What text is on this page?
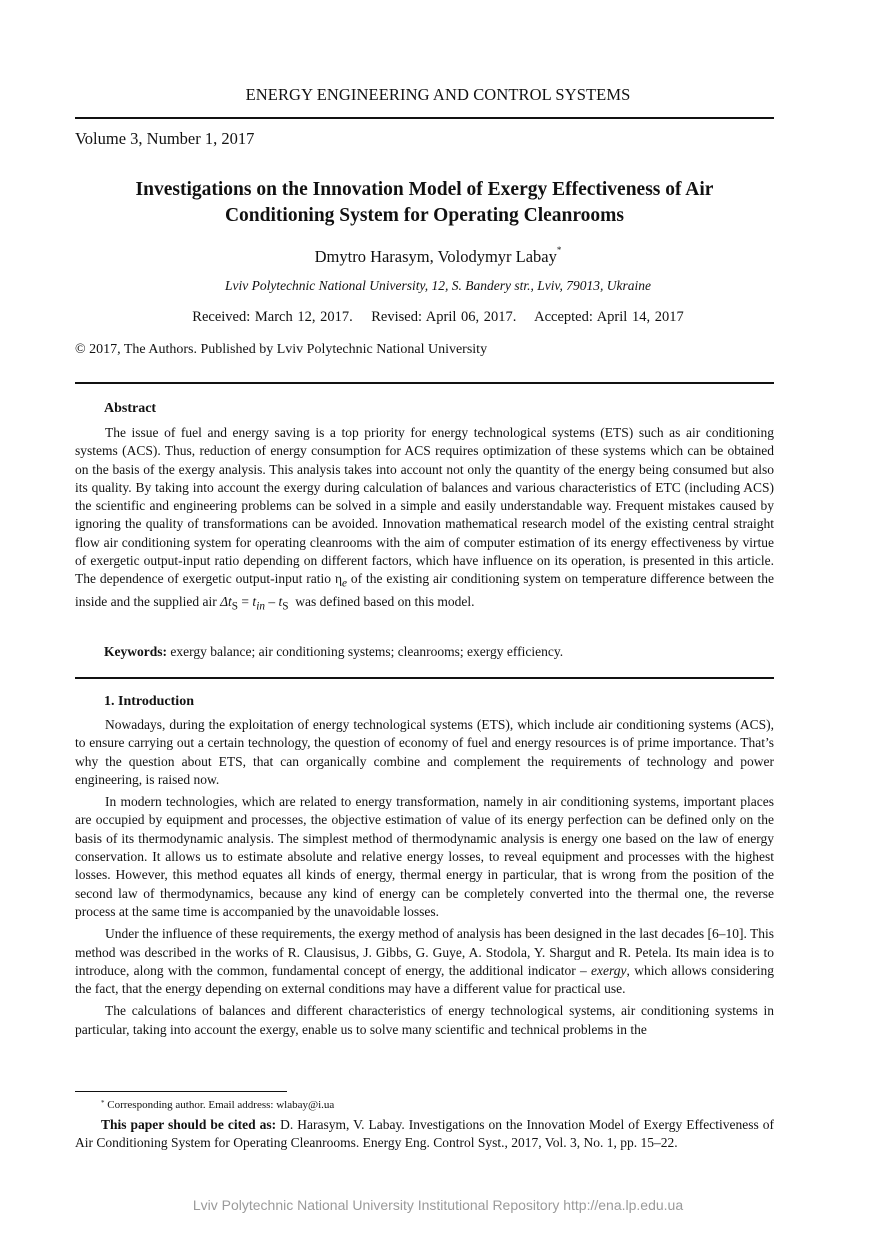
ENERGY ENGINEERING AND CONTROL SYSTEMS
Volume 3, Number 1, 2017
Investigations on the Innovation Model of Exergy Effectiveness of Air
Conditioning System for Operating Cleanrooms
Dmytro Harasym, Volodymyr Labay*
Lviv Polytechnic National University, 12, S. Bandery str., Lviv, 79013, Ukraine
Received: March 12, 2017.    Revised: April 06, 2017.    Accepted: April 14, 2017
© 2017, The Authors. Published by Lviv Polytechnic National University
Abstract

The issue of fuel and energy saving is a top priority for energy technological systems (ETS) such as air conditioning systems (ACS). Thus, reduction of energy consumption for ACS requires optimization of these systems which can be obtained on the basis of the exergy analysis. This analysis takes into account not only the quantity of the energy being consumed but also its quality. By taking into account the exergy during calculation of balances and various characteristics of ETC (including ACS) the scientific and engineering problems can be solved in a simple and easily understandable way. Frequent mistakes caused by ignoring the quality of transformations can be avoided. Innovation mathematical research model of the existing central straight flow air conditioning system for operating cleanrooms with the aim of computer estimation of its energy effectiveness by virtue of exergetic output-input ratio depending on different factors, which have influence on its operation, is presented in this article. The dependence of exergetic output-input ratio $\eta_e$ of the existing air conditioning system on temperature difference between the inside and the supplied air $\Delta t_S = t_{in} - t_S$  was defined based on this model.

Keywords: exergy balance; air conditioning systems; cleanrooms; exergy efficiency.
1. Introduction

Nowadays, during the exploitation of energy technological systems (ETS), which include air conditioning systems (ACS), to ensure carrying out a certain technology, the question of economy of fuel and energy resources is of prime importance. That’s why the question about ETS, that can organically combine and complement the requirements of technology and power engineering, is raised now.

In modern technologies, which are related to energy transformation, namely in air conditioning systems, important places are occupied by equipment and processes, the objective estimation of value of its energy perfection can be defined only on the basis of its thermodynamic analysis. The simplest method of thermodynamic analysis is energy one based on the law of energy conservation. It allows us to estimate absolute and relative energy losses, to reveal equipment and processes with the highest losses. However, this method equates all kinds of energy, thermal energy in particular, that is wrong from the position of the second law of thermodynamics, because any kind of energy can be completely converted into the thermal one, the reverse process at the same time is accompanied by the unavoidable losses.

Under the influence of these requirements, the exergy method of analysis has been designed in the last decades [6–10]. This method was described in the works of R. Clausisus, J. Gibbs, G. Guye, A. Stodola, Y. Shargut and R. Petela. Its main idea is to introduce, along with the common, fundamental concept of energy, the additional indicator – exergy, which allows considering the fact, that the energy depending on external conditions may have a different value for practical use.

The calculations of balances and different characteristics of energy technological systems, air conditioning systems in particular, taking into account the exergy, enable us to solve many scientific and technical problems in the

* Corresponding author. Email address: wlabay@i.ua
This paper should be cited as: D. Harasym, V. Labay. Investigations on the Innovation Model of Exergy Effectiveness of Air Conditioning System for Operating Cleanrooms. Energy Eng. Control Syst., 2017, Vol. 3, No. 1, pp. 15–22.
Lviv Polytechnic National University Institutional Repository http://ena.lp.edu.ua
